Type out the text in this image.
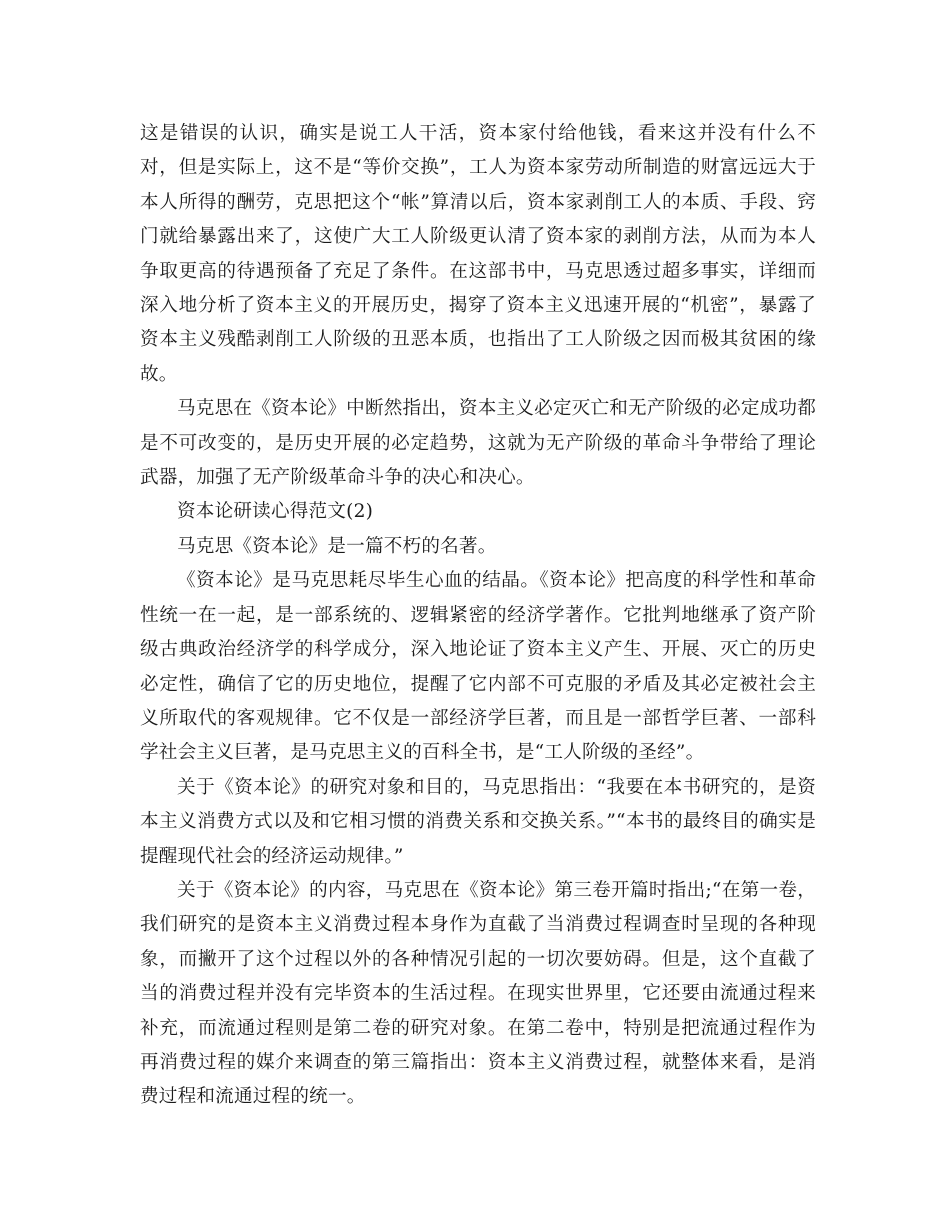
这是错误的认识，确实是说工人干活，资本家付给他钱，看来这并没有什么不对，但是实际上，这不是“等价交换”，工人为资本家劳动所制造的财富远远大于本人所得的酬劳，克思把这个“帐”算清以后，资本家剥削工人的本质、手段、窍门就给暴露出来了，这使广大工人阶级更认清了资本家的剥削方法，从而为本人争取更高的待遇预备了充足了条件。在这部书中，马克思透过超多事实，详细而深入地分析了资本主义的开展历史，揭穿了资本主义迅速开展的“机密”，暴露了资本主义残酷剥削工人阶级的丑恶本质，也指出了工人阶级之因而极其贫困的缘故。

马克思在《资本论》中断然指出，资本主义必定灭亡和无产阶级的必定成功都是不可改变的，是历史开展的必定趋势，这就为无产阶级的革命斗争带给了理论武器，加强了无产阶级革命斗争的决心和决心。

资本论研读心得范文(2)

马克思《资本论》是一篇不朽的名著。

《资本论》是马克思耗尽毕生心血的结晶。《资本论》把高度的科学性和革命性统一在一起，是一部系统的、逻辑紧密的经济学著作。它批判地继承了资产阶级古典政治经济学的科学成分，深入地论证了资本主义产生、开展、灭亡的历史必定性，确信了它的历史地位，提醒了它内部不可克服的矛盾及其必定被社会主义所取代的客观规律。它不仅是一部经济学巨著，而且是一部哲学巨著、一部科学社会主义巨著，是马克思主义的百科全书，是“工人阶级的圣经”。

关于《资本论》的研究对象和目的，马克思指出：“我要在本书研究的，是资本主义消费方式以及和它相习惯的消费关系和交换关系。”“本书的最终目的确实是提醒现代社会的经济运动规律。”

关于《资本论》的内容，马克思在《资本论》第三卷开篇时指出;“在第一卷，我们研究的是资本主义消费过程本身作为直截了当消费过程调查时呈现的各种现象，而撇开了这个过程以外的各种情况引起的一切次要妨碍。但是，这个直截了当的消费过程并没有完毕资本的生活过程。在现实世界里，它还要由流通过程来补充，而流通过程则是第二卷的研究对象。在第二卷中，特别是把流通过程作为再消费过程的媒介来调查的第三篇指出：资本主义消费过程，就整体来看，是消费过程和流通过程的统一。
